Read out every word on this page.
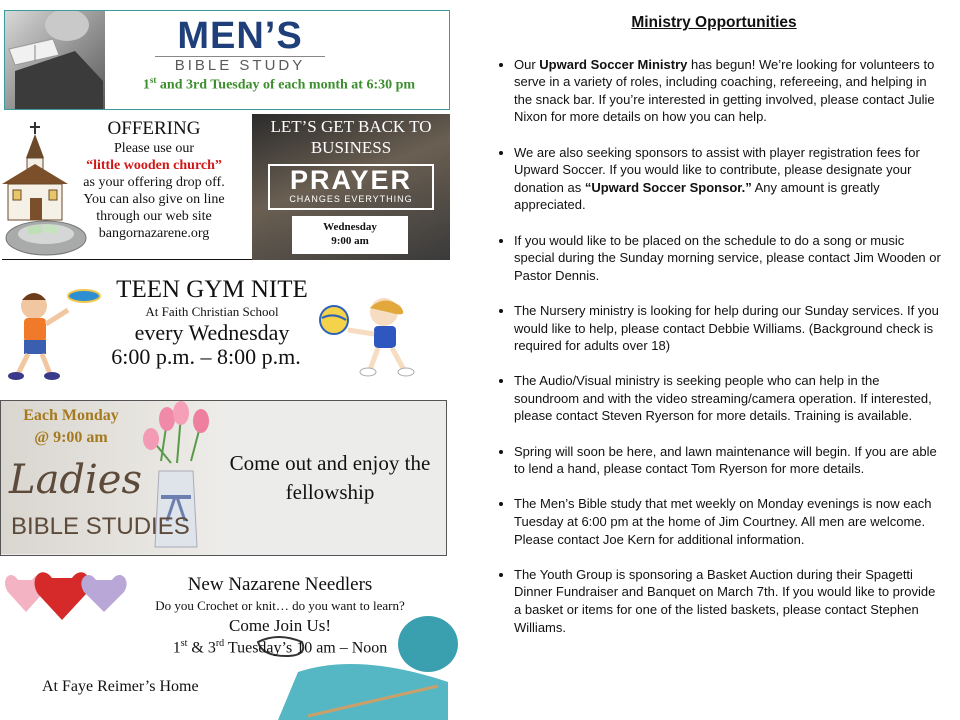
MEN’S
BIBLE STUDY
1st and 3rd Tuesday of each month at 6:30 pm
OFFERING
Please use our
“little wooden church”
as your offering drop off.
You can also give on line
through our web site
bangornazarene.org
LET’S GET BACK TO BUSINESS
PRAYER
CHANGES EVERYTHING
Wednesday
9:00 am
TEEN GYM NITE
At Faith Christian School
every Wednesday
6:00 p.m. – 8:00 p.m.
Each Monday
@ 9:00 am
Ladies
BIBLE STUDIES
Come out and enjoy the fellowship
New Nazarene Needlers
Do you Crochet or knit… do you want to learn?
Come Join Us!
1st & 3rd Tuesday’s 10 am – Noon
At Faye Reimer’s Home
Ministry Opportunities
• Our Upward Soccer Ministry has begun! We’re looking for volunteers to serve in a variety of roles, including coaching, refereeing, and helping in the snack bar. If you’re interested in getting involved, please contact Julie Nixon for more details on how you can help.
• We are also seeking sponsors to assist with player registration fees for Upward Soccer. If you would like to contribute, please designate your donation as “Upward Soccer Sponsor.” Any amount is greatly appreciated.
• If you would like to be placed on the schedule to do a song or music special during the Sunday morning service, please contact Jim Wooden or Pastor Dennis.
• The Nursery ministry is looking for help during our Sunday services. If you would like to help, please contact Debbie Williams. (Background check is required for adults over 18)
• The Audio/Visual ministry is seeking people who can help in the soundroom and with the video streaming/camera operation. If interested, please contact Steven Ryerson for more details. Training is available.
• Spring will soon be here, and lawn maintenance will begin. If you are able to lend a hand, please contact Tom Ryerson for more details.
• The Men’s Bible study that met weekly on Monday evenings is now each Tuesday at 6:00 pm at the home of Jim Courtney. All men are welcome. Please contact Joe Kern for additional information.
• The Youth Group is sponsoring a Basket Auction during their Spagetti Dinner Fundraiser and Banquet on March 7th. If you would like to provide a basket or items for one of the listed baskets, please contact Stephen Williams.
